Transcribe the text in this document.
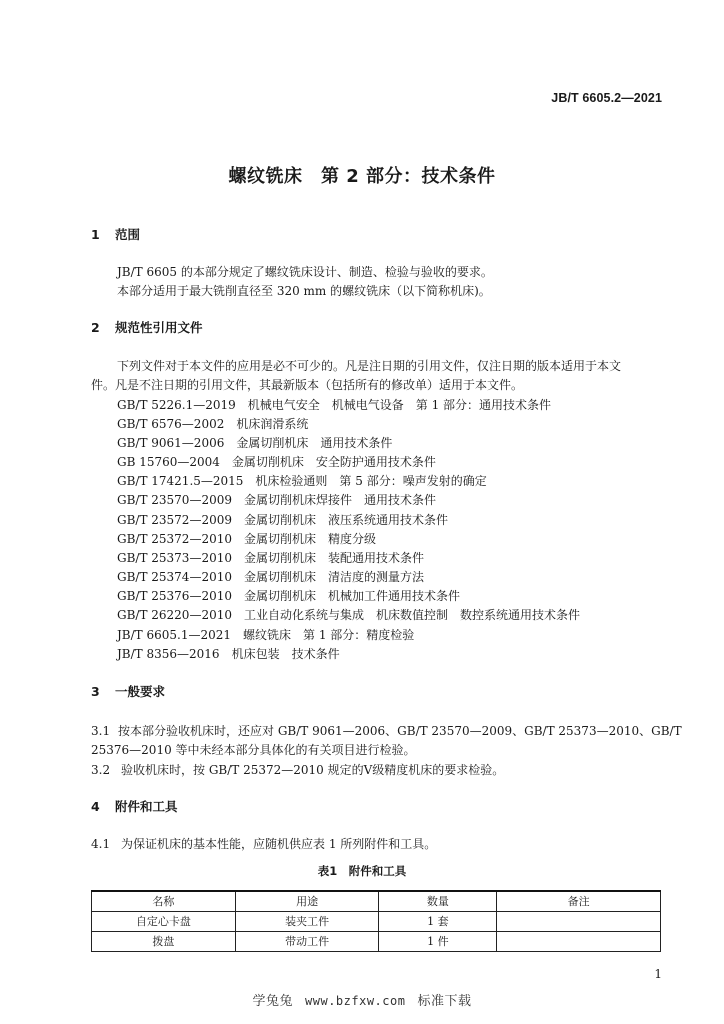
JB/T 6605.2—2021
螺纹铣床　第 2 部分：技术条件
1 范围
JB/T 6605 的本部分规定了螺纹铣床设计、制造、检验与验收的要求。
本部分适用于最大铣削直径至 320 mm 的螺纹铣床（以下简称机床)。
2 规范性引用文件
下列文件对于本文件的应用是必不可少的。凡是注日期的引用文件，仅注日期的版本适用于本文
件。凡是不注日期的引用文件，其最新版本（包括所有的修改单）适用于本文件。
GB/T 5226.1—2019　机械电气安全　机械电气设备　第 1 部分：通用技术条件
GB/T 6576—2002　机床润滑系统
GB/T 9061—2006　金属切削机床　通用技术条件
GB 15760—2004　金属切削机床　安全防护通用技术条件
GB/T 17421.5—2015　机床检验通则　第 5 部分：噪声发射的确定
GB/T 23570—2009　金属切削机床焊接件　通用技术条件
GB/T 23572—2009　金属切削机床　液压系统通用技术条件
GB/T 25372—2010　金属切削机床　精度分级
GB/T 25373—2010　金属切削机床　装配通用技术条件
GB/T 25374—2010　金属切削机床　清洁度的测量方法
GB/T 25376—2010　金属切削机床　机械加工件通用技术条件
GB/T 26220—2010　工业自动化系统与集成　机床数值控制　数控系统通用技术条件
JB/T 6605.1—2021　螺纹铣床　第 1 部分：精度检验
JB/T 8356—2016　机床包装　技术条件
3 一般要求
3.1 按本部分验收机床时，还应对 GB/T 9061—2006、GB/T 23570—2009、GB/T 25373—2010、GB/T
25376—2010 等中未经本部分具体化的有关项目进行检验。
3.2 验收机床时，按 GB/T 25372—2010 规定的Ⅴ级精度机床的要求检验。
4 附件和工具
4.1 为保证机床的基本性能，应随机供应表 1 所列附件和工具。
表1　附件和工具
名称	用途	数量	备注
自定心卡盘	装夹工件	1 套	
拨盘	带动工件	1 件	
1
学兔兔 www.bzfxw.com 标准下载
